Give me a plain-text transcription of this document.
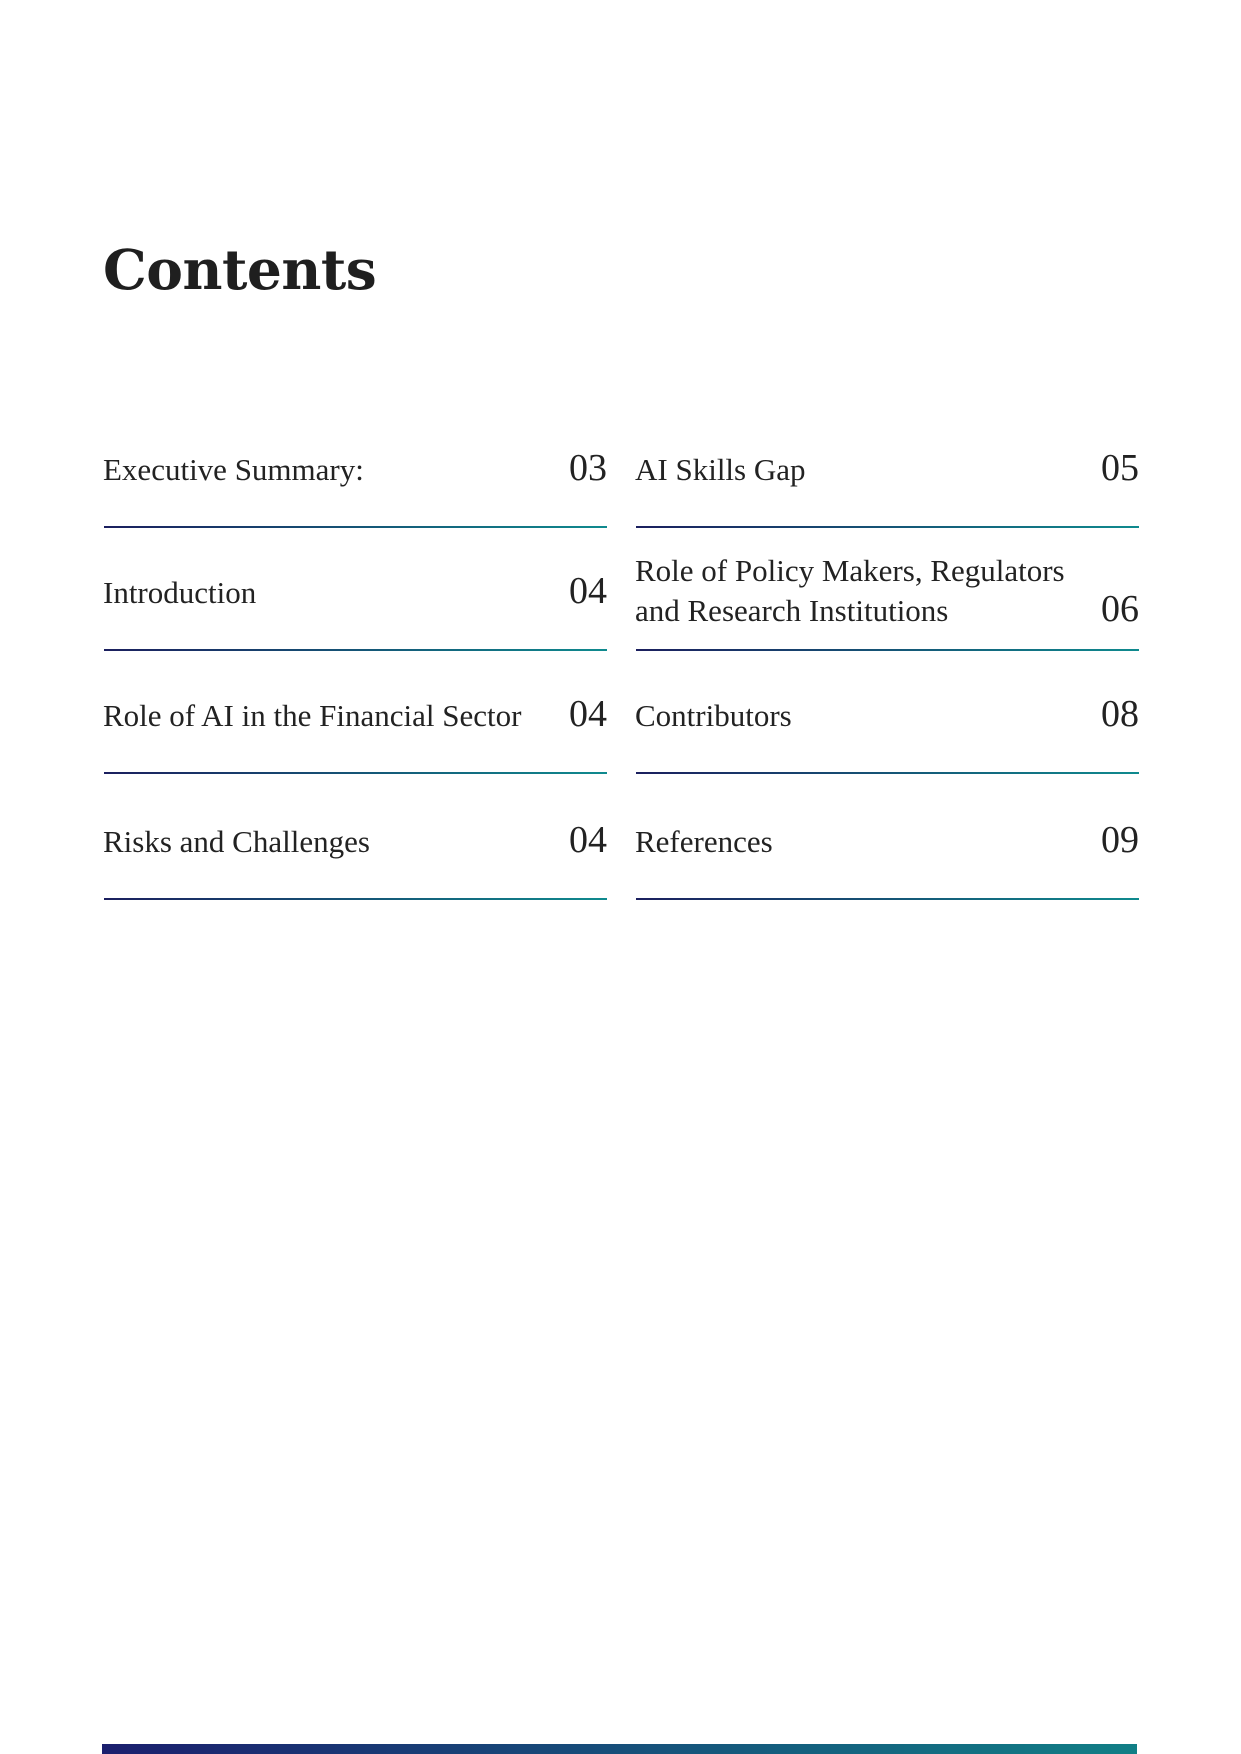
Contents
Executive Summary:	03
Introduction	04
Role of AI in the Financial Sector 04
Risks and Challenges	04
AI Skills Gap	05
Role of Policy Makers, Regulators and Research Institutions	06
Contributors	08
References	09
